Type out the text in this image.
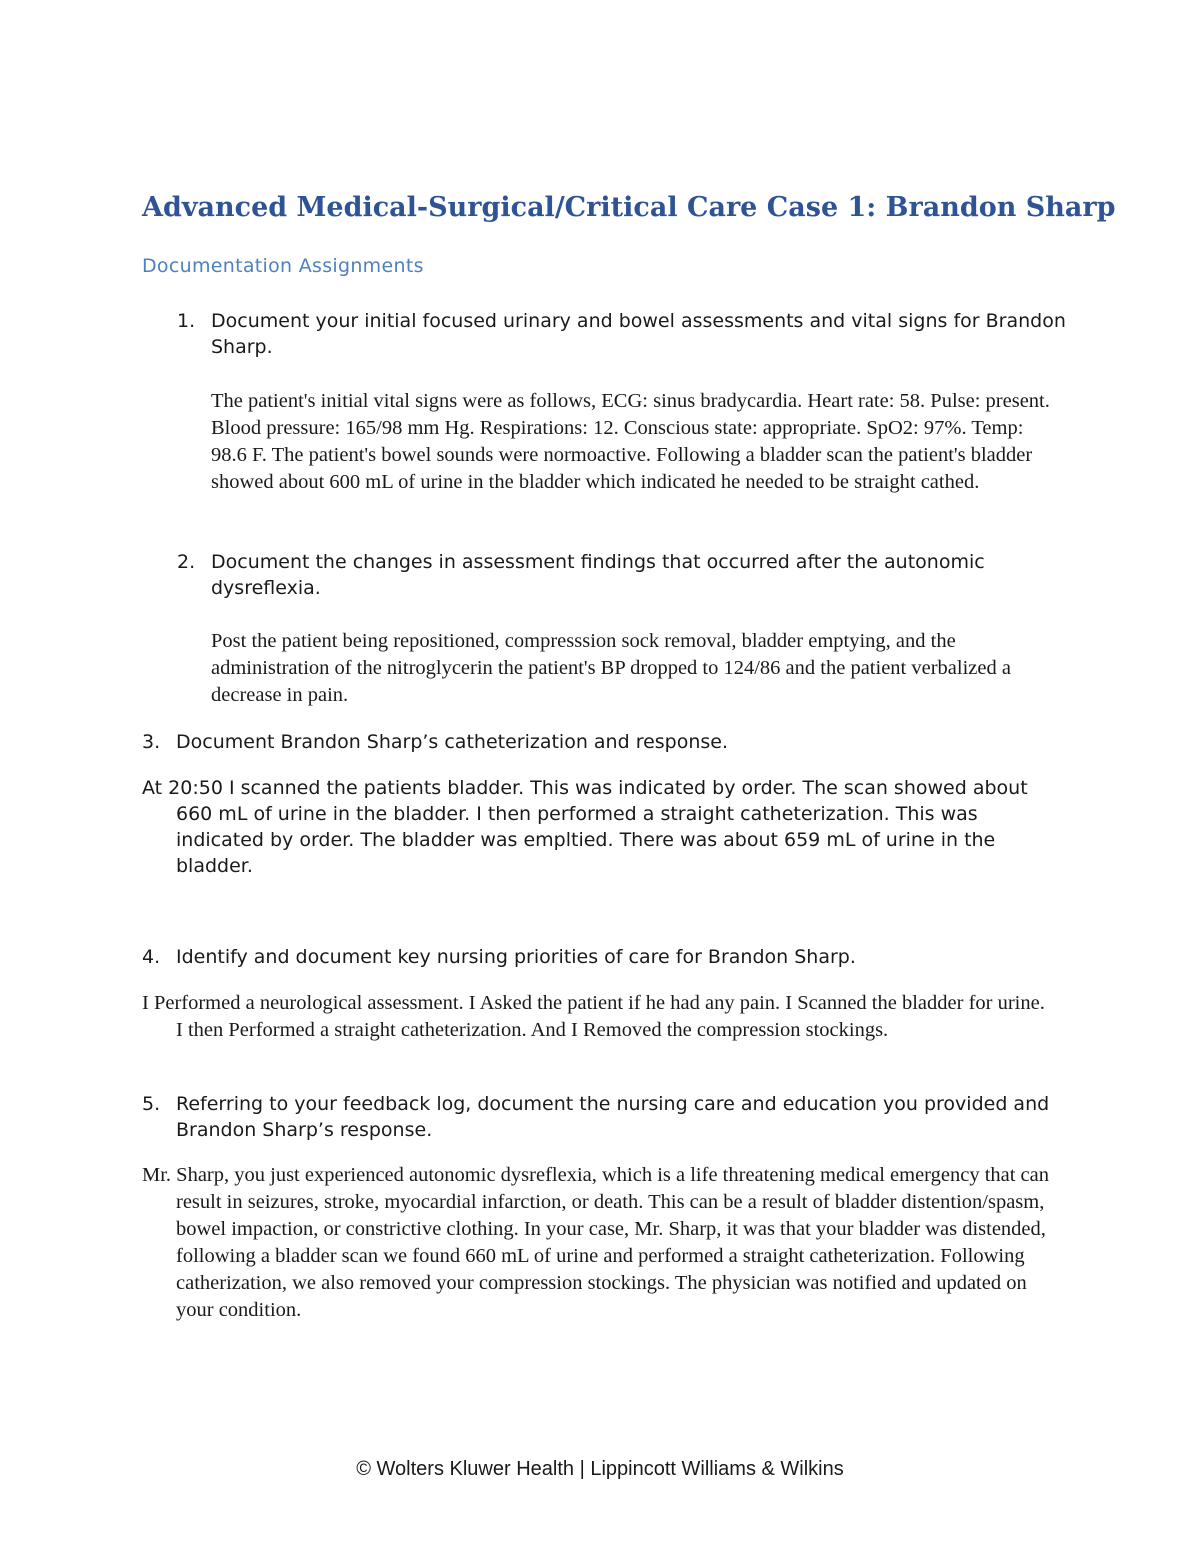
Advanced Medical-Surgical/Critical Care Case 1: Brandon Sharp
Documentation Assignments
1. Document your initial focused urinary and bowel assessments and vital signs for Brandon Sharp.
The patient's initial vital signs were as follows, ECG: sinus bradycardia. Heart rate: 58. Pulse: present. Blood pressure: 165/98 mm Hg. Respirations: 12. Conscious state: appropriate. SpO2: 97%. Temp: 98.6 F. The patient's bowel sounds were normoactive. Following a bladder scan the patient's bladder showed about 600 mL of urine in the bladder which indicated he needed to be straight cathed.
2. Document the changes in assessment findings that occurred after the autonomic dysreflexia.
Post the patient being repositioned, compresssion sock removal, bladder emptying, and the administration of the nitroglycerin the patient's BP dropped to 124/86 and the patient verbalized a decrease in pain.
3. Document Brandon Sharp’s catheterization and response.
At 20:50 I scanned the patients bladder. This was indicated by order. The scan showed about 660 mL of urine in the bladder. I then performed a straight catheterization. This was indicated by order. The bladder was empltied. There was about 659 mL of urine in the bladder.
4. Identify and document key nursing priorities of care for Brandon Sharp.
I Performed a neurological assessment. I Asked the patient if he had any pain. I Scanned the bladder for urine. I then Performed a straight catheterization. And I Removed the compression stockings.
5. Referring to your feedback log, document the nursing care and education you provided and Brandon Sharp’s response.
Mr. Sharp, you just experienced autonomic dysreflexia, which is a life threatening medical emergency that can result in seizures, stroke, myocardial infarction, or death. This can be a result of bladder distention/spasm, bowel impaction, or constrictive clothing. In your case, Mr. Sharp, it was that your bladder was distended, following a bladder scan we found 660 mL of urine and performed a straight catheterization. Following catherization, we also removed your compression stockings. The physician was notified and updated on your condition.
© Wolters Kluwer Health | Lippincott Williams & Wilkins
